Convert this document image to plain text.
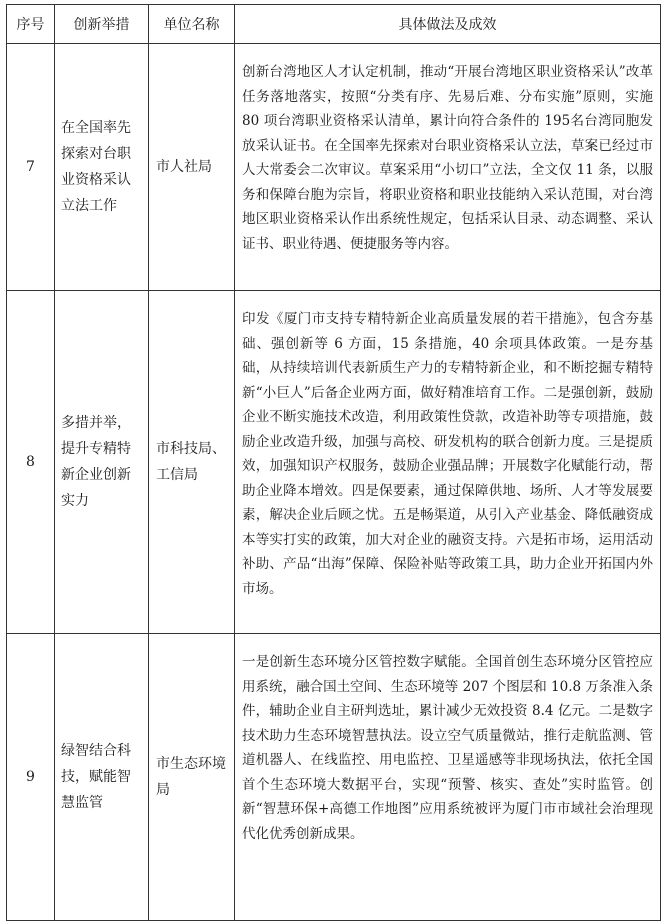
序号	创新举措	单位名称	具体做法及成效
7	在全国率先探索对台职业资格采认立法工作	市人社局	创新台湾地区人才认定机制，推动“开展台湾地区职业资格采认”改革任务落地落实，按照“分类有序、先易后难、分布实施”原则，实施 80 项台湾职业资格采认清单，累计向符合条件的 195名台湾同胞发放采认证书。在全国率先探索对台职业资格采认立法，草案已经过市人大常委会二次审议。草案采用“小切口”立法，全文仅 11 条，以服务和保障台胞为宗旨，将职业资格和职业技能纳入采认范围，对台湾地区职业资格采认作出系统性规定，包括采认目录、动态调整、采认证书、职业待遇、便捷服务等内容。
8	多措并举，提升专精特新企业创新实力	市科技局、工信局	印发《厦门市支持专精特新企业高质量发展的若干措施》，包含夯基础、强创新等 6 方面，15 条措施，40 余项具体政策。一是夯基础，从持续培训代表新质生产力的专精特新企业，和不断挖掘专精特新“小巨人”后备企业两方面，做好精准培育工作。二是强创新，鼓励企业不断实施技术改造，利用政策性贷款，改造补助等专项措施，鼓励企业改造升级，加强与高校、研发机构的联合创新力度。三是提质效，加强知识产权服务，鼓励企业强品牌；开展数字化赋能行动，帮助企业降本增效。四是保要素，通过保障供地、场所、人才等发展要素，解决企业后顾之忧。五是畅渠道，从引入产业基金、降低融资成本等实打实的政策，加大对企业的融资支持。六是拓市场，运用活动补助、产品“出海”保障、保险补贴等政策工具，助力企业开拓国内外市场。
9	绿智结合科技，赋能智慧监管	市生态环境局	一是创新生态环境分区管控数字赋能。全国首创生态环境分区管控应用系统，融合国土空间、生态环境等 207 个图层和 10.8 万条准入条件，辅助企业自主研判选址，累计减少无效投资 8.4 亿元。二是数字技术助力生态环境智慧执法。设立空气质量微站，推行走航监测、管道机器人、在线监控、用电监控、卫星遥感等非现场执法，依托全国首个生态环境大数据平台，实现“预警、核实、查处”实时监管。创新“智慧环保+高德工作地图”应用系统被评为厦门市市域社会治理现代化优秀创新成果。
